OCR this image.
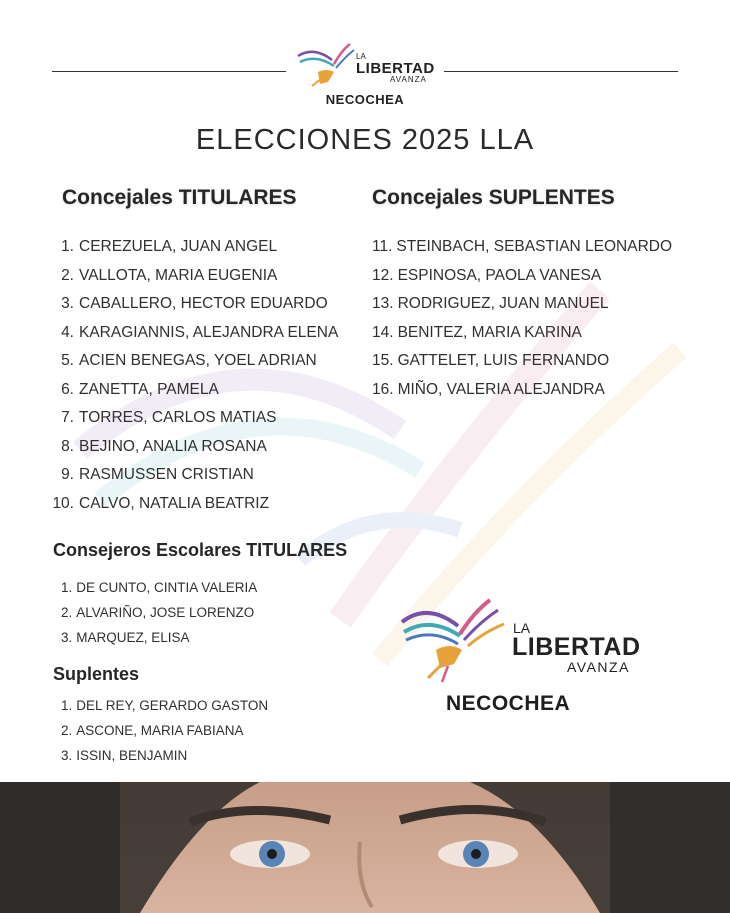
LA
LIBERTAD
AVANZA
NECOCHEA
ELECCIONES 2025 LLA
Concejales TITULARES	Concejales SUPLENTES
1. CEREZUELA, JUAN ANGEL
2. VALLOTA, MARIA EUGENIA
3. CABALLERO, HECTOR EDUARDO
4. KARAGIANNIS, ALEJANDRA ELENA
5. ACIEN BENEGAS, YOEL ADRIAN
6. ZANETTA, PAMELA
7. TORRES, CARLOS MATIAS
8. BEJINO, ANALIA ROSANA
9. RASMUSSEN CRISTIAN
10. CALVO, NATALIA BEATRIZ
11. STEINBACH, SEBASTIAN LEONARDO
12. ESPINOSA, PAOLA VANESA
13. RODRIGUEZ, JUAN MANUEL
14. BENITEZ, MARIA KARINA
15. GATTELET, LUIS FERNANDO
16. MIÑO, VALERIA ALEJANDRA
Consejeros Escolares TITULARES
1. DE CUNTO, CINTIA VALERIA
2. ALVARIÑO, JOSE LORENZO
3. MARQUEZ, ELISA
Suplentes
1. DEL REY, GERARDO GASTON
2. ASCONE, MARIA FABIANA
3. ISSIN, BENJAMIN
LA
LIBERTAD
AVANZA
NECOCHEA
